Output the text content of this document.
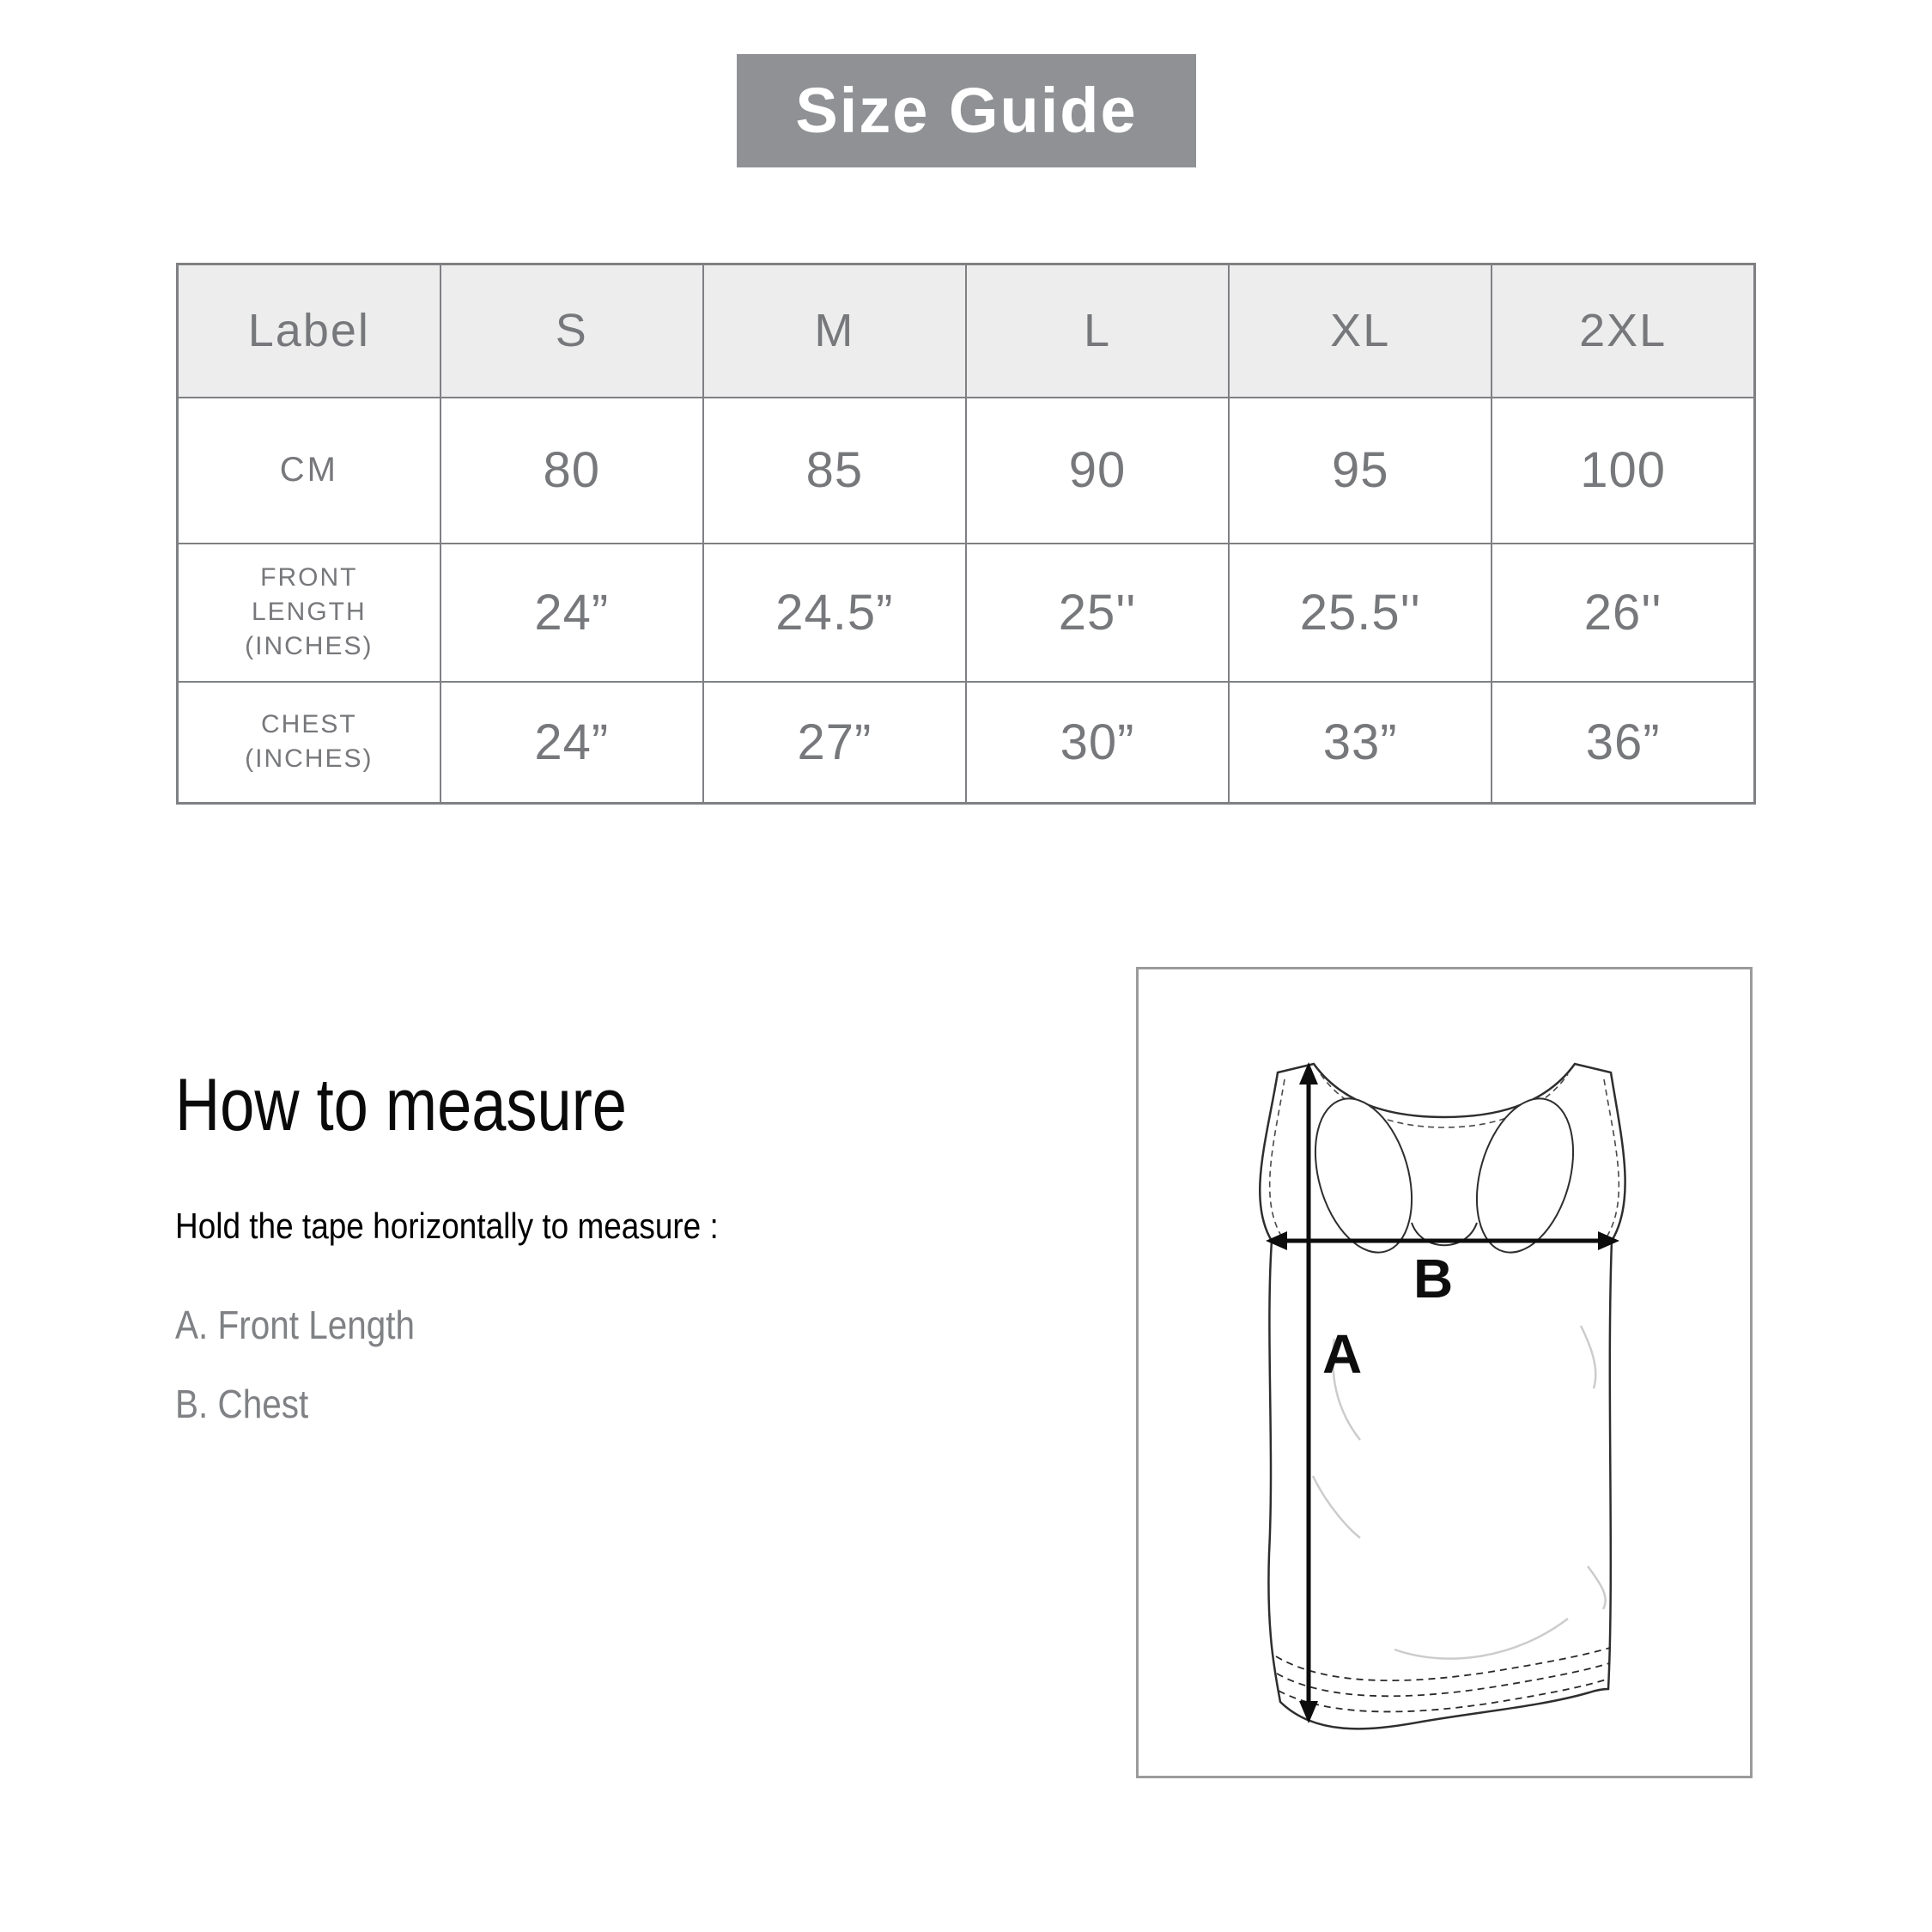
Size Guide
Label	S	M	L	XL	2XL
CM	80	85	90	95	100

FRONT
LENGTH
(INCHES)	24”	24.5”	25''	25.5''	26''

CHEST
(INCHES)	24”	27”	30”	33”	36”
How to measure
Hold the tape horizontally to measure :
A. Front Length
B. Chest
B
A
